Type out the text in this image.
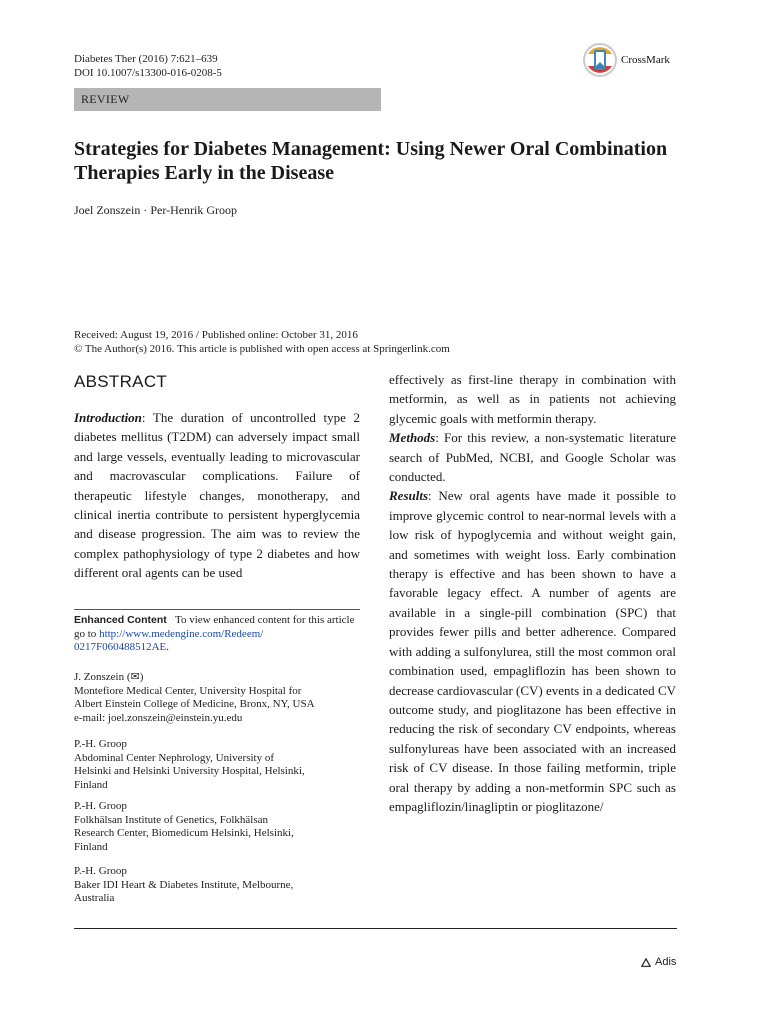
Diabetes Ther (2016) 7:621–639
DOI 10.1007/s13300-016-0208-5
CrossMark
REVIEW
Strategies for Diabetes Management: Using Newer Oral Combination Therapies Early in the Disease
Joel Zonszein · Per-Henrik Groop
Received: August 19, 2016 / Published online: October 31, 2016
© The Author(s) 2016. This article is published with open access at Springerlink.com
ABSTRACT

Introduction: The duration of uncontrolled type 2 diabetes mellitus (T2DM) can adversely impact small and large vessels, eventually leading to microvascular and macrovascular complications. Failure of therapeutic lifestyle changes, monotherapy, and clinical inertia contribute to persistent hyperglycemia and disease progression. The aim was to review the complex pathophysiology of type 2 diabetes and how different oral agents can be used

Enhanced Content To view enhanced content for this article go to http://www.medengine.com/Redeem/
0217F060488512AE.
J. Zonszein (✉)
Montefiore Medical Center, University Hospital for
Albert Einstein College of Medicine, Bronx, NY, USA
e-mail: joel.zonszein@einstein.yu.edu
P.-H. Groop
Abdominal Center Nephrology, University of
Helsinki and Helsinki University Hospital, Helsinki,
Finland
P.-H. Groop
Folkhälsan Institute of Genetics, Folkhälsan
Research Center, Biomedicum Helsinki, Helsinki,
Finland
P.-H. Groop
Baker IDI Heart & Diabetes Institute, Melbourne,
Australia

effectively as first-line therapy in combination with metformin, as well as in patients not achieving glycemic goals with metformin therapy.

Methods: For this review, a non-systematic literature search of PubMed, NCBI, and Google Scholar was conducted.

Results: New oral agents have made it possible to improve glycemic control to near-normal levels with a low risk of hypoglycemia and without weight gain, and sometimes with weight loss. Early combination therapy is effective and has been shown to have a favorable legacy effect. A number of agents are available in a single-pill combination (SPC) that provides fewer pills and better adherence. Compared with adding a sulfonylurea, still the most common oral combination used, empagliflozin has been shown to decrease cardiovascular (CV) events in a dedicated CV outcome study, and pioglitazone has been effective in reducing the risk of secondary CV endpoints, whereas sulfonylureas have been associated with an increased risk of CV disease. In those failing metformin, triple oral therapy by adding a non-metformin SPC such as empagliflozin/linagliptin or pioglitazone/

Adis
